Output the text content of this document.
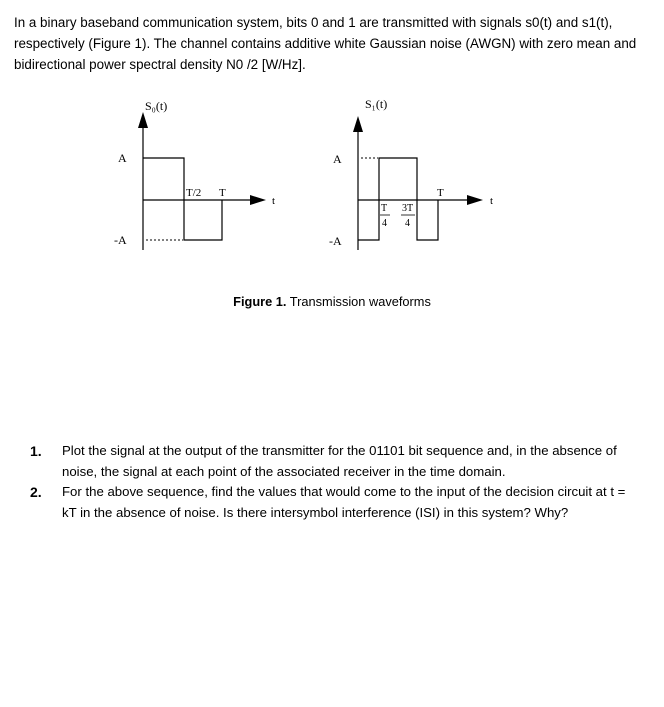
In a binary baseband communication system, bits 0 and 1 are transmitted with signals s0(t) and s1(t), respectively (Figure 1). The channel contains additive white Gaussian noise (AWGN) with zero mean and bidirectional power spectral density N0 /2 [W/Hz].

S₀(t)
A
-A
T/2 T
t
S₁(t)
T
4
3T
4
A
-A
T
t
Figure 1. Transmission waveforms
1. Plot the signal at the output of the transmitter for the 01101 bit sequence and, in the absence of noise, the signal at each point of the associated receiver in the time domain.
2. For the above sequence, find the values that would come to the input of the decision circuit at t = kT in the absence of noise. Is there intersymbol interference (ISI) in this system? Why?
